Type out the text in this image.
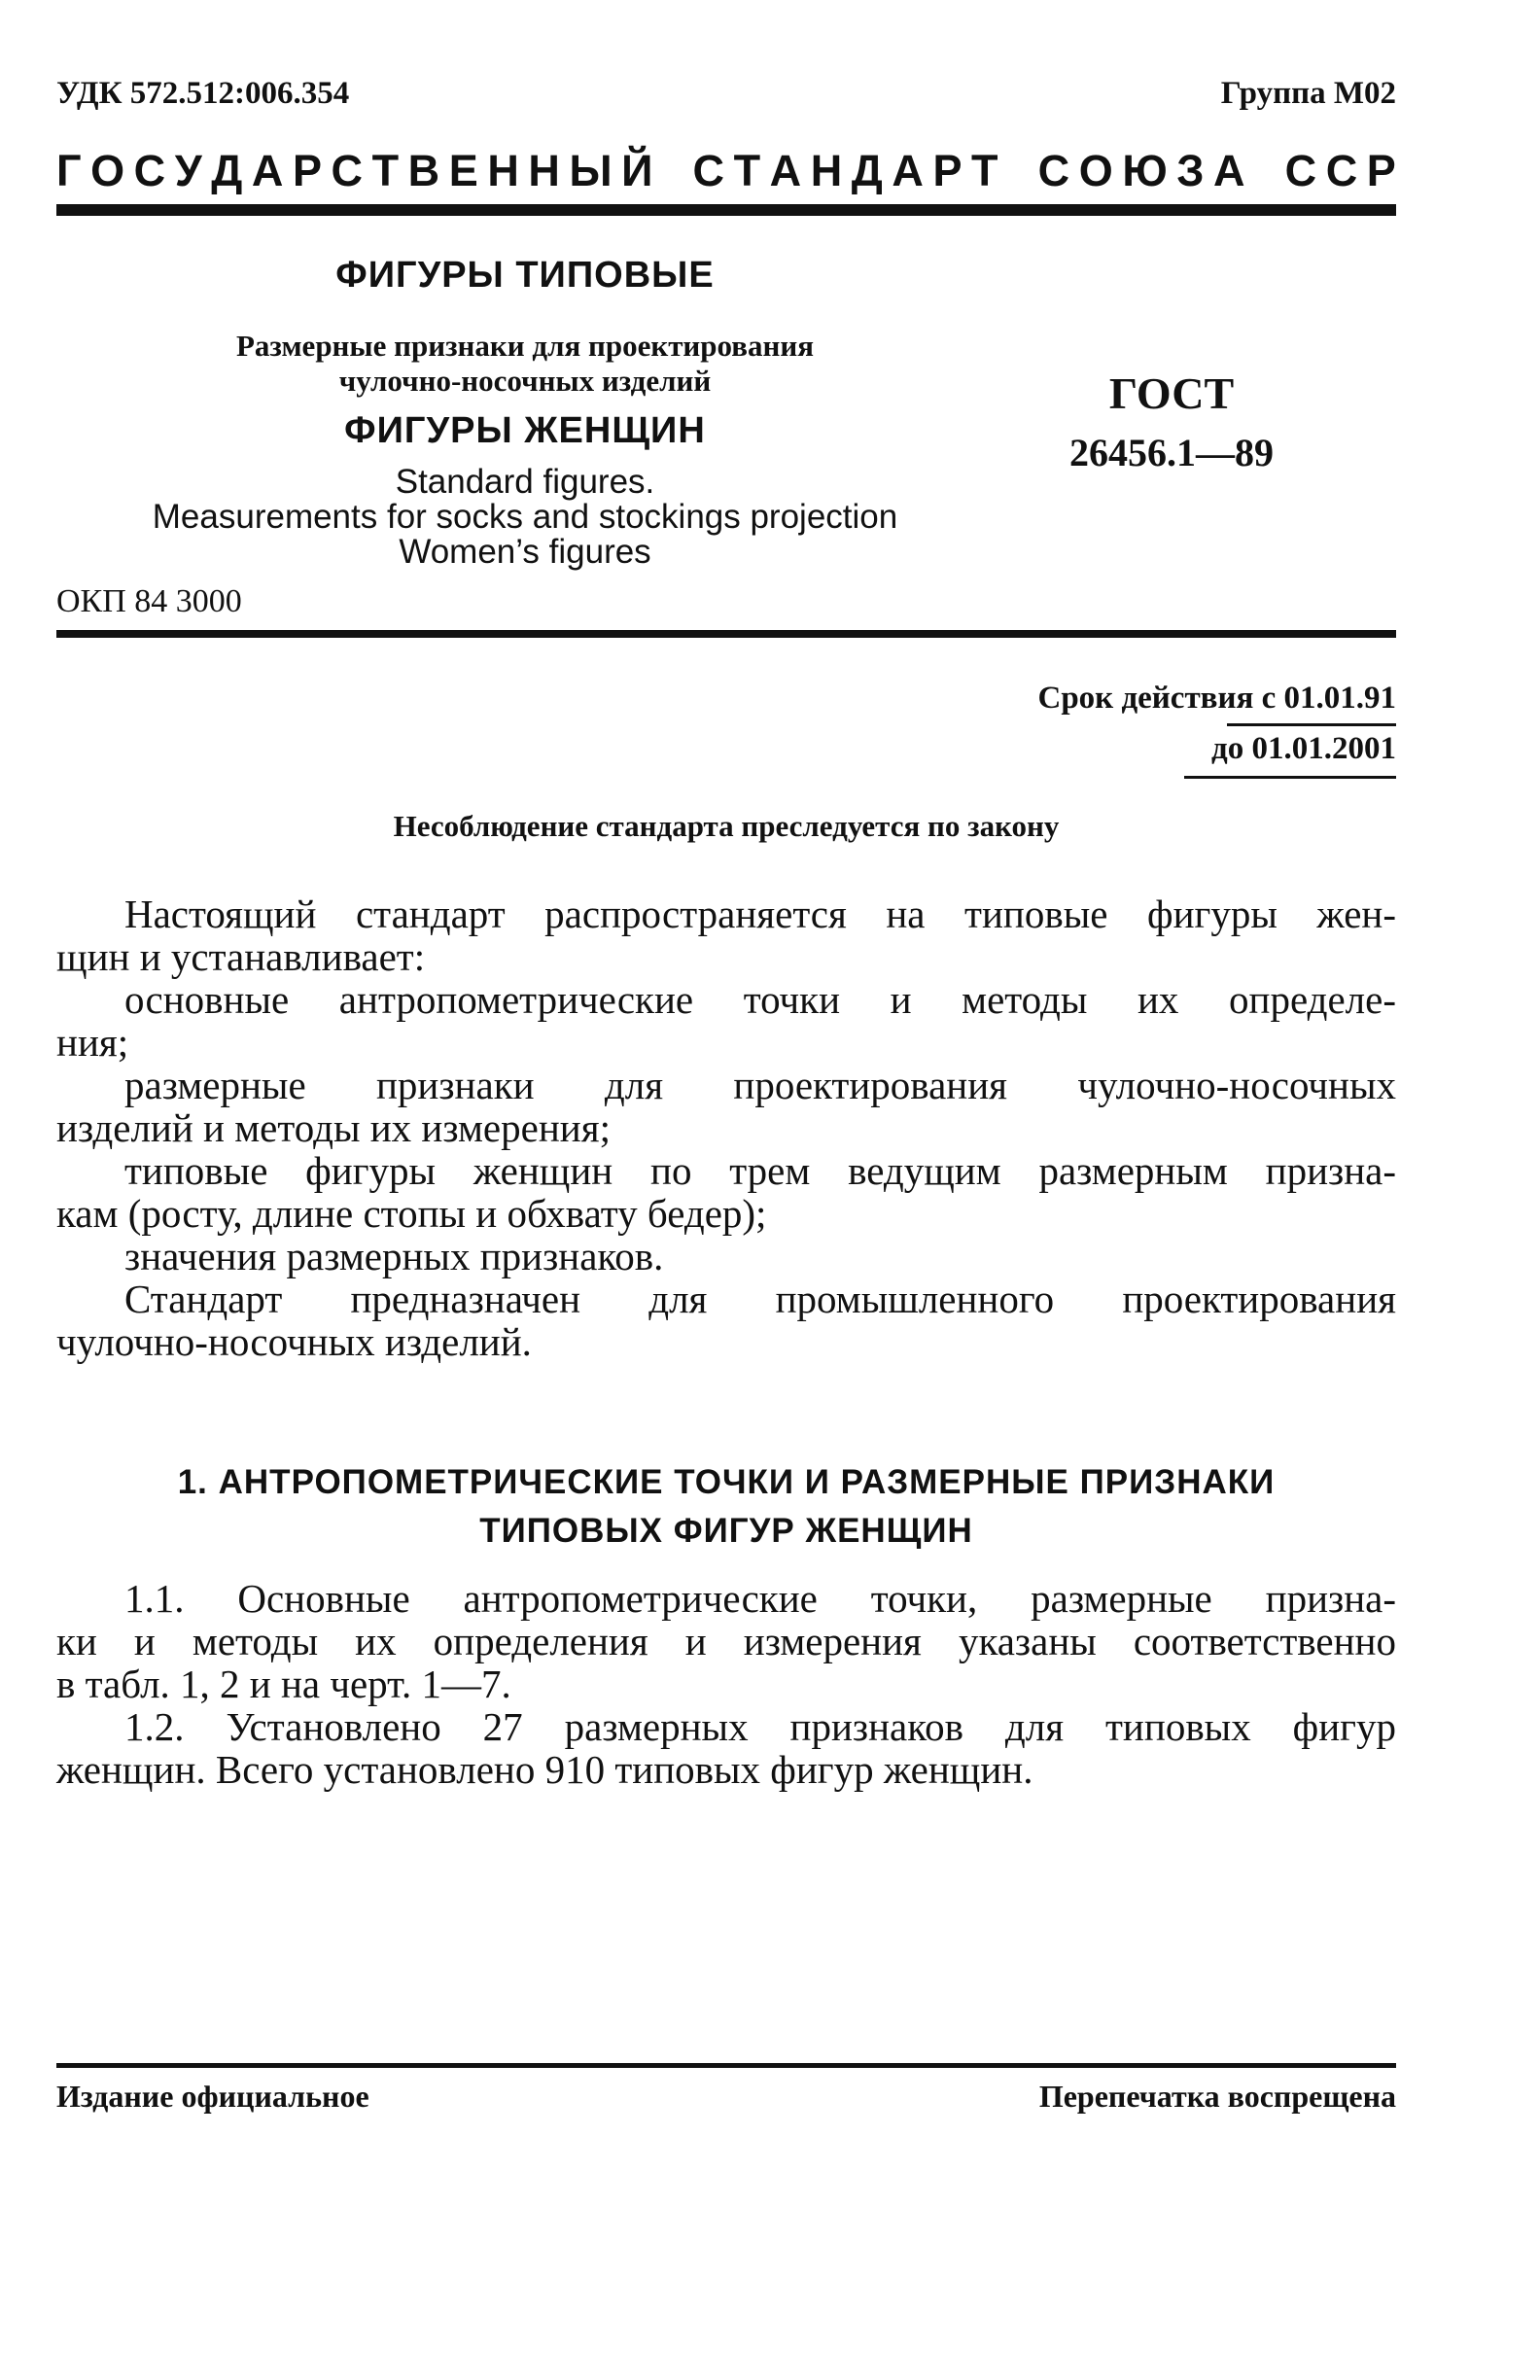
УДК 572.512:006.354	Группа М02
Г О С У Д А Р С Т В Е Н Н Ы Й С Т А Н Д А Р Т С О Ю З А С С Р
ФИГУРЫ ТИПОВЫЕ
Размерные признаки для проектирования
чулочно-носочных изделий
ФИГУРЫ ЖЕНЩИН
Standard figures.
Measurements for socks and stockings projection
Women’s figures
ГОСТ
26456.1—89
ОКП 84 3000
Срок действия с 01.01.91
до 01.01.2001
Несоблюдение стандарта преследуется по закону
Настоящий стандарт распространяется на типовые фигуры жен-
щин и устанавливает:
основные антропометрические точки и методы их определе-
ния;
размерные признаки для проектирования чулочно-носочных
изделий и методы их измерения;
типовые фигуры женщин по трем ведущим размерным призна-
кам (росту, длине стопы и обхвату бедер);
значения размерных признаков.
Стандарт предназначен для промышленного проектирования
чулочно-носочных изделий.
1. АНТРОПОМЕТРИЧЕСКИЕ ТОЧКИ И РАЗМЕРНЫЕ ПРИЗНАКИ
ТИПОВЫХ ФИГУР ЖЕНЩИН
1.1. Основные антропометрические точки, размерные призна-
ки и методы их определения и измерения указаны соответственно
в табл. 1, 2 и на черт. 1—7.
1.2. Установлено 27 размерных признаков для типовых фигур
женщин. Всего установлено 910 типовых фигур женщин.
Издание официальное	Перепечатка воспрещена
